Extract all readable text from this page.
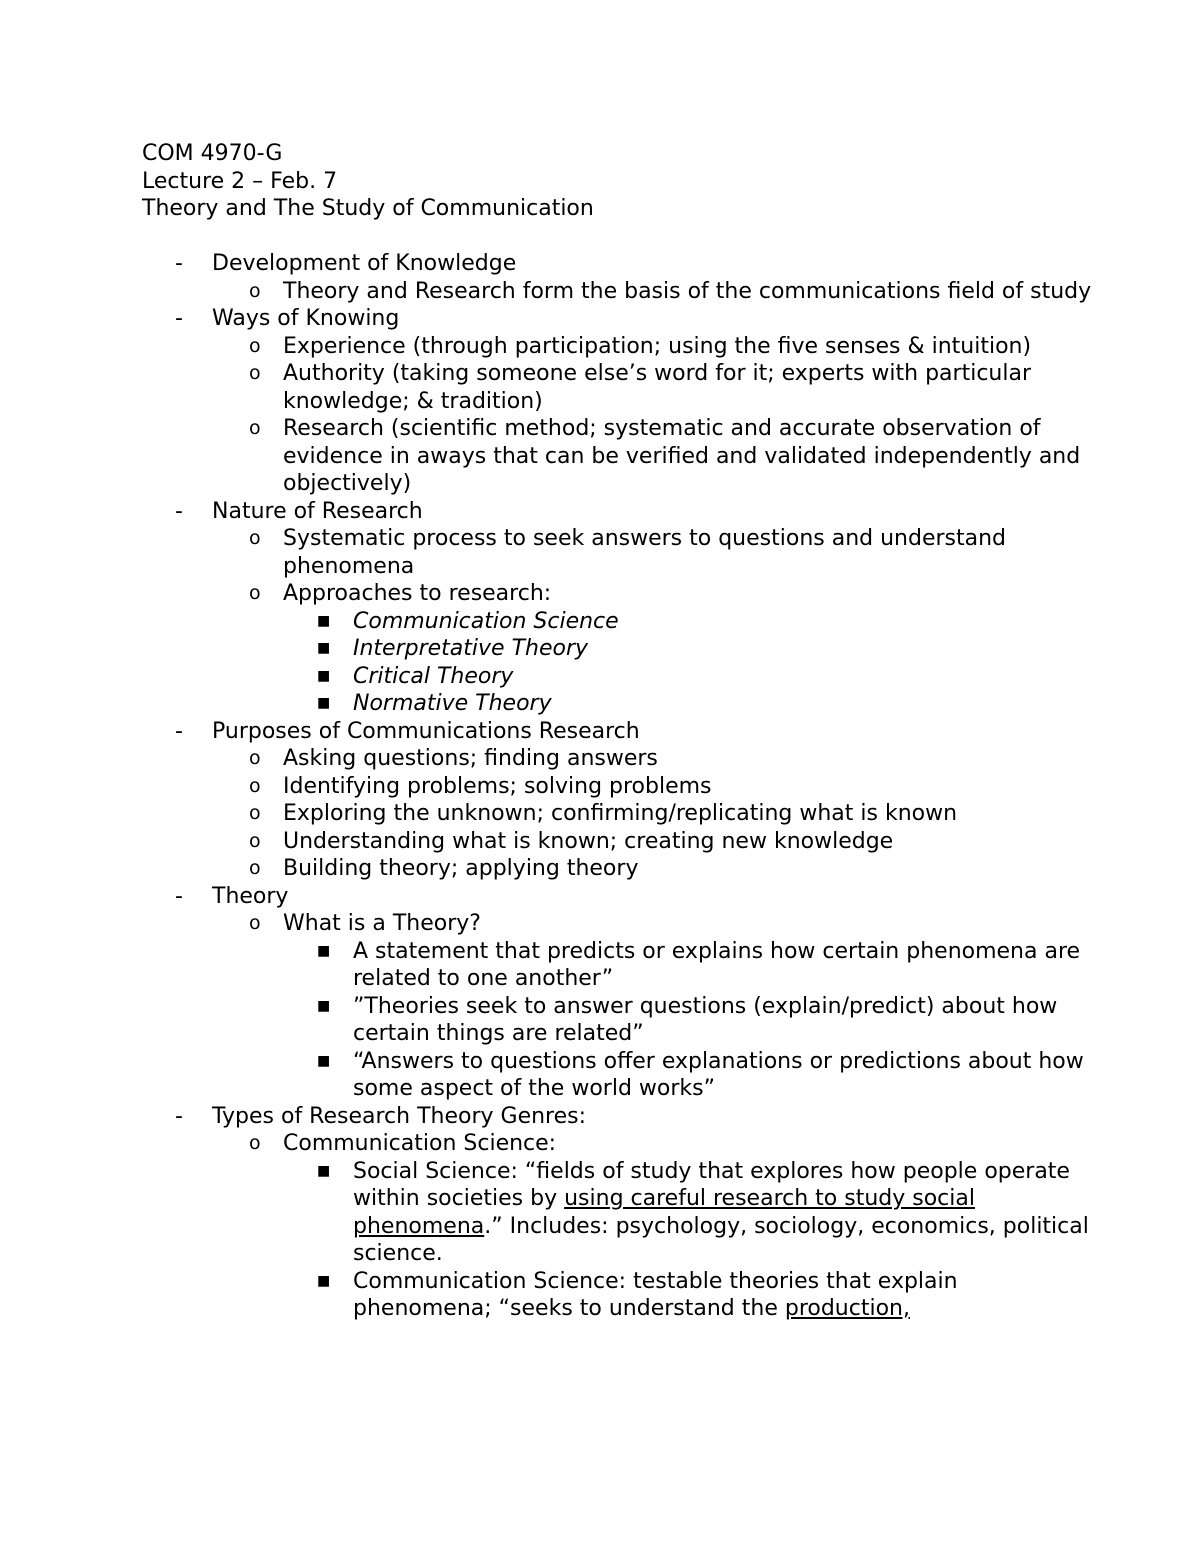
COM 4970-G
Lecture 2 – Feb. 7
Theory and The Study of Communication
- Development of Knowledge
o Theory and Research form the basis of the communications field of study
- Ways of Knowing
o Experience (through participation; using the five senses & intuition)
o Authority (taking someone else’s word for it; experts with particular knowledge; & tradition)
o Research (scientific method; systematic and accurate observation of evidence in aways that can be verified and validated independently and objectively)
- Nature of Research
o Systematic process to seek answers to questions and understand phenomena
o Approaches to research:
■ Communication Science
■ Interpretative Theory
■ Critical Theory
■ Normative Theory
- Purposes of Communications Research
o Asking questions; finding answers
o Identifying problems; solving problems
o Exploring the unknown; confirming/replicating what is known
o Understanding what is known; creating new knowledge
o Building theory; applying theory
- Theory
o What is a Theory?
■ A statement that predicts or explains how certain phenomena are related to one another”
■ ”Theories seek to answer questions (explain/predict) about how certain things are related”
■ “Answers to questions offer explanations or predictions about how some aspect of the world works”
- Types of Research Theory Genres:
o Communication Science:
■ Social Science: “fields of study that explores how people operate within societies by using careful research to study social phenomena.” Includes: psychology, sociology, economics, political science.
■ Communication Science: testable theories that explain phenomena; “seeks to understand the production,
